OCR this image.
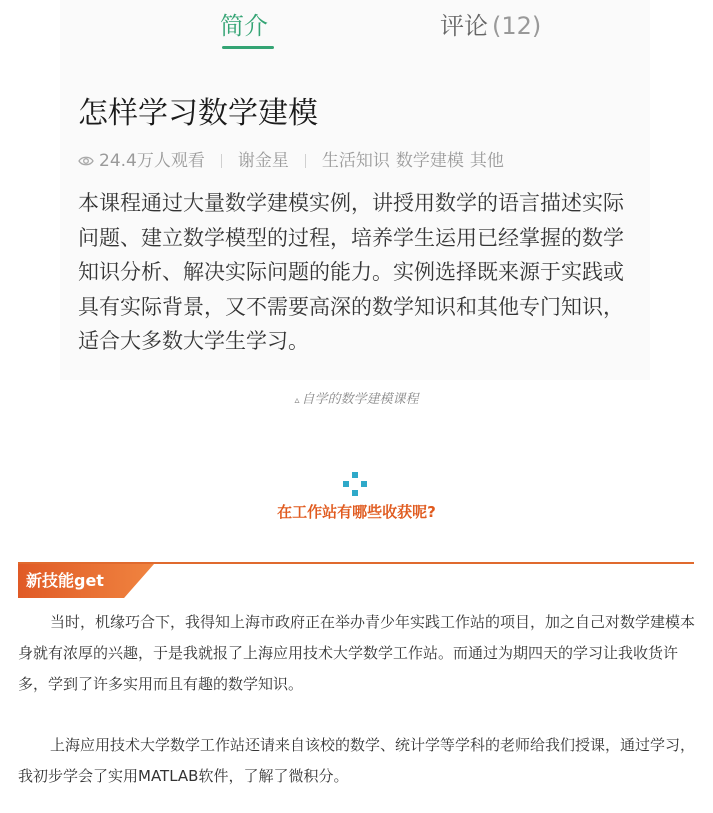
简介	评论 (12)
怎样学习数学建模
24.4万人观看 谢金星 生活知识 数学建模 其他
本课程通过大量数学建模实例，讲授用数学的语言描述实际问题、建立数学模型的过程，培养学生运用已经掌握的数学知识分析、解决实际问题的能力。实例选择既来源于实践或具有实际背景，又不需要高深的数学知识和其他专门知识，适合大多数大学生学习。
▵ 自学的数学建模课程
在工作站有哪些收获呢?
新技能get

当时，机缘巧合下，我得知上海市政府正在举办青少年实践工作站的项目，加之自己对数学建模本身就有浓厚的兴趣，于是我就报了上海应用技术大学数学工作站。而通过为期四天的学习让我收货许多，学到了许多实用而且有趣的数学知识。

上海应用技术大学数学工作站还请来自该校的数学、统计学等学科的老师给我们授课，通过学习，我初步学会了实用MATLAB软件，了解了微积分。
